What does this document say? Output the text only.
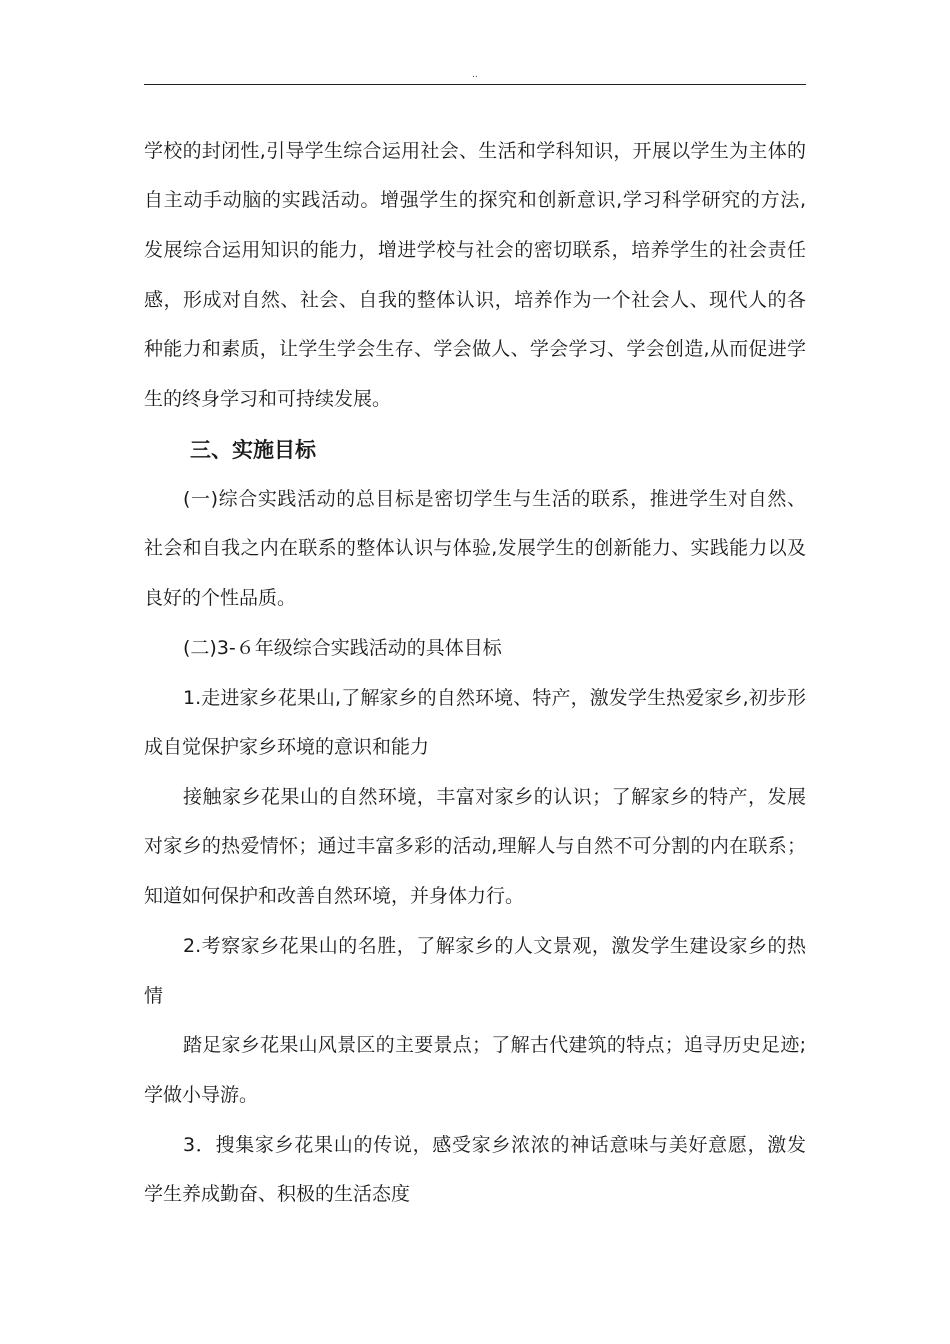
..
学校的封闭性,引导学生综合运用社会、生活和学科知识，开展以学生为主体的
自主动手动脑的实践活动。增强学生的探究和创新意识,学习科学研究的方法,
发展综合运用知识的能力，增进学校与社会的密切联系，培养学生的社会责任
感，形成对自然、社会、自我的整体认识，培养作为一个社会人、现代人的各
种能力和素质，让学生学会生存、学会做人、学会学习、学会创造,从而促进学
生的终身学习和可持续发展。
三、实施目标
(一)综合实践活动的总目标是密切学生与生活的联系，推进学生对自然、
社会和自我之内在联系的整体认识与体验,发展学生的创新能力、实践能力以及
良好的个性品质。
(二)3-６年级综合实践活动的具体目标
1.走进家乡花果山,了解家乡的自然环境、特产，激发学生热爱家乡,初步形
成自觉保护家乡环境的意识和能力
接触家乡花果山的自然环境，丰富对家乡的认识；了解家乡的特产，发展
对家乡的热爱情怀；通过丰富多彩的活动,理解人与自然不可分割的内在联系；
知道如何保护和改善自然环境，并身体力行。
2.考察家乡花果山的名胜，了解家乡的人文景观，激发学生建设家乡的热
情
踏足家乡花果山风景区的主要景点；了解古代建筑的特点；追寻历史足迹;
学做小导游。
3．搜集家乡花果山的传说，感受家乡浓浓的神话意味与美好意愿，激发
学生养成勤奋、积极的生活态度
